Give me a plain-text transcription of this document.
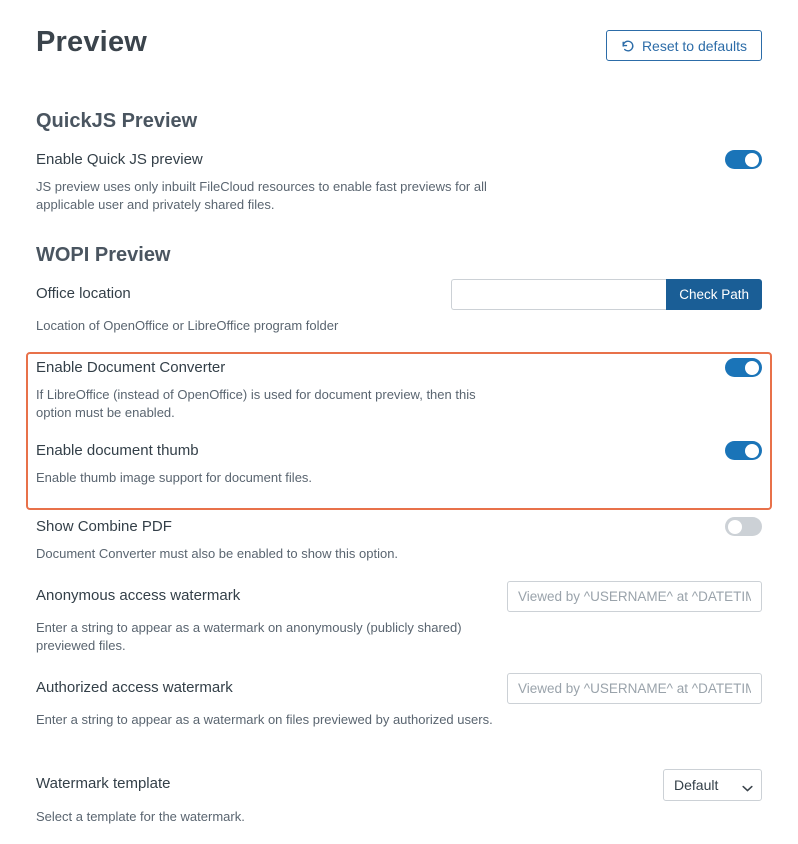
Preview	Reset to defaults
QuickJS Preview
Enable Quick JS preview
JS preview uses only inbuilt FileCloud resources to enable fast previews for all applicable user and privately shared files.
WOPI Preview
Office location	Check Path
Location of OpenOffice or LibreOffice program folder
Enable Document Converter
If LibreOffice (instead of OpenOffice) is used for document preview, then this option must be enabled.
Enable document thumb
Enable thumb image support for document files.
Show Combine PDF
Document Converter must also be enabled to show this option.
Anonymous access watermark
Viewed by ^USERNAME^ at ^DATETIME^
Enter a string to appear as a watermark on anonymously (publicly shared) previewed files.
Authorized access watermark
Viewed by ^USERNAME^ at ^DATETIME^
Enter a string to appear as a watermark on files previewed by authorized users.
Watermark template
Default
Select a template for the watermark.
